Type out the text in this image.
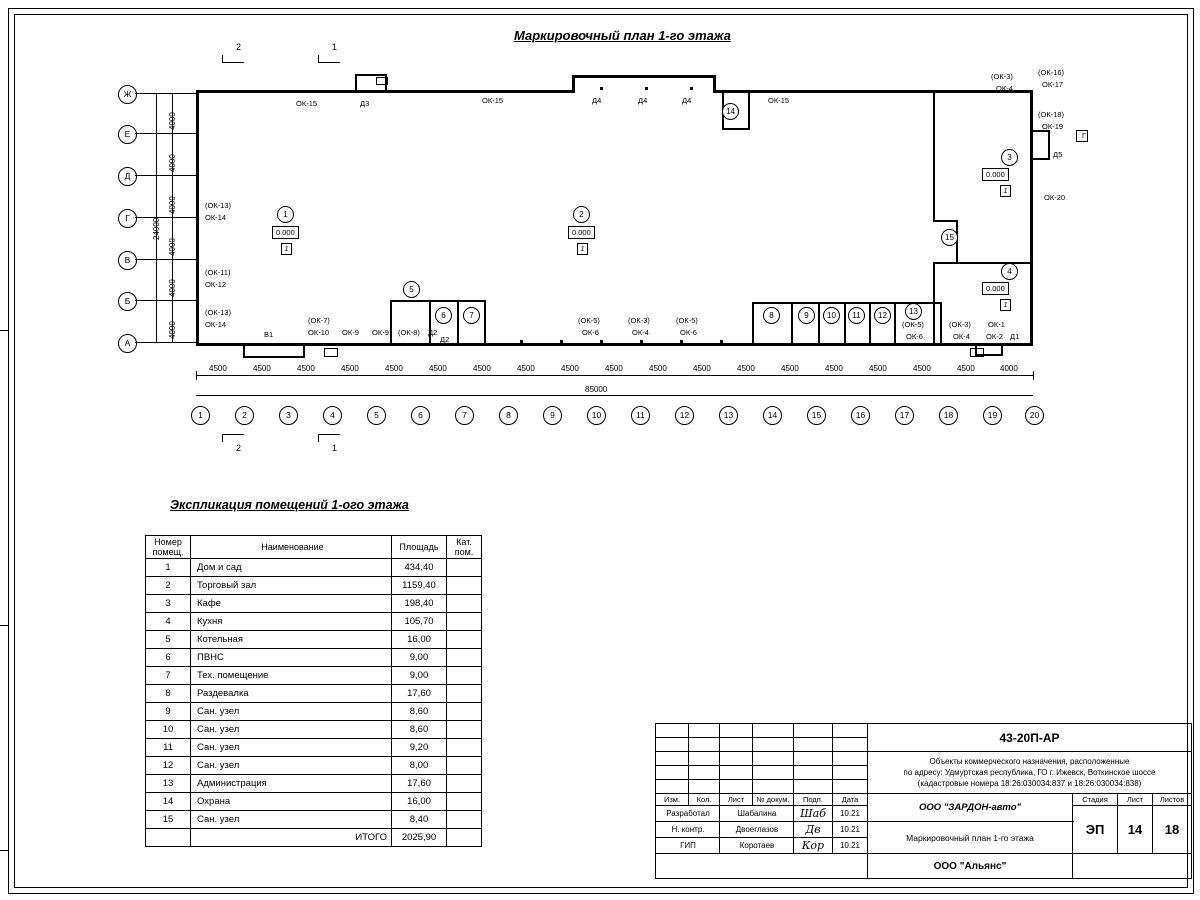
Маркировочный план 1-го этажа
Экспликация помещений 1-ого этажа
2	1
2	1
Ж
Е
Д
Г
В
Б
А
4000
4000
4000
4000
4000
4000
24000
85000
1	2	3	4	5	6	7	8	9	10	11	12	13	14	15	16	17	18	19	20
4500	4500	4500	4500	4500	4500	4500	4500	4500	4500	4500	4500	4500	4500	4500	4500	4500	4500	4000
1
0.000
1
2
0.000
1
3
0.000
1
4
0.000
1
5
6	7	8	9	10	11	12	13
14
15
ОК-15	Д3	ОК-15	Д4	Д4	Д4	ОК-15
(ОК-3)
ОК-4
(ОК-16)
ОК-17
(ОК-18)
ОК-19
Д5
ОК-20
(ОК-13)
ОК-14
(ОК-11)
ОК-12
(ОК-13)
ОК-14
В1
(ОК-7)
ОК-10 ОК-9 ОК-9 (ОК-8) Д2
Д2
(ОК-5)
ОК-6
(ОК-3)
ОК-4
(ОК-5)
ОК-6
(ОК-5)
ОК-6
(ОК-3)
ОК-4
ОК-1
ОК-2 Д1
Г
Номер помещ.	Наименование	Площадь	Кат. пом.
1	Дом и сад	434,40	
2	Торговый зал	1159,40	
3	Кафе	198,40	
4	Кухня	105,70	
5	Котельная	16,00	
6	ПВНС	9,00	
7	Тех. помещение	9,00	
8	Раздевалка	17,60	
9	Сан. узел	8,60	
10	Сан. узел	8,60	
11	Сан. узел	9,20	
12	Сан. узел	8,00	
13	Администрация	17,60	
14	Охрана	16,00	
15	Сан. узел	8,40	
	ИТОГО	2025,90	
						43-20П-АР			

						Объекты коммерческого назначения, расположенные
по адресу: Удмуртская республика, ГО г. Ижевск, Воткинское шоссе
(кадастровые номера 18:26:030034:837 и 18:26:030034:838)			

Изм.	Кол.	Лист	№ докум.	Подп.	Дата	ООО "ЗАРДОН-авто"	Стадия	Лист	Листов
Разработал		Шабалина		Шаб	10.21		ЭП	14	18
Н. контр.		Двоеглазов		Дв	10.21	Маркировочный план 1-го этажа			

ГИП		Коротаев		Кор	10.21				
						ООО "Альянс"			
